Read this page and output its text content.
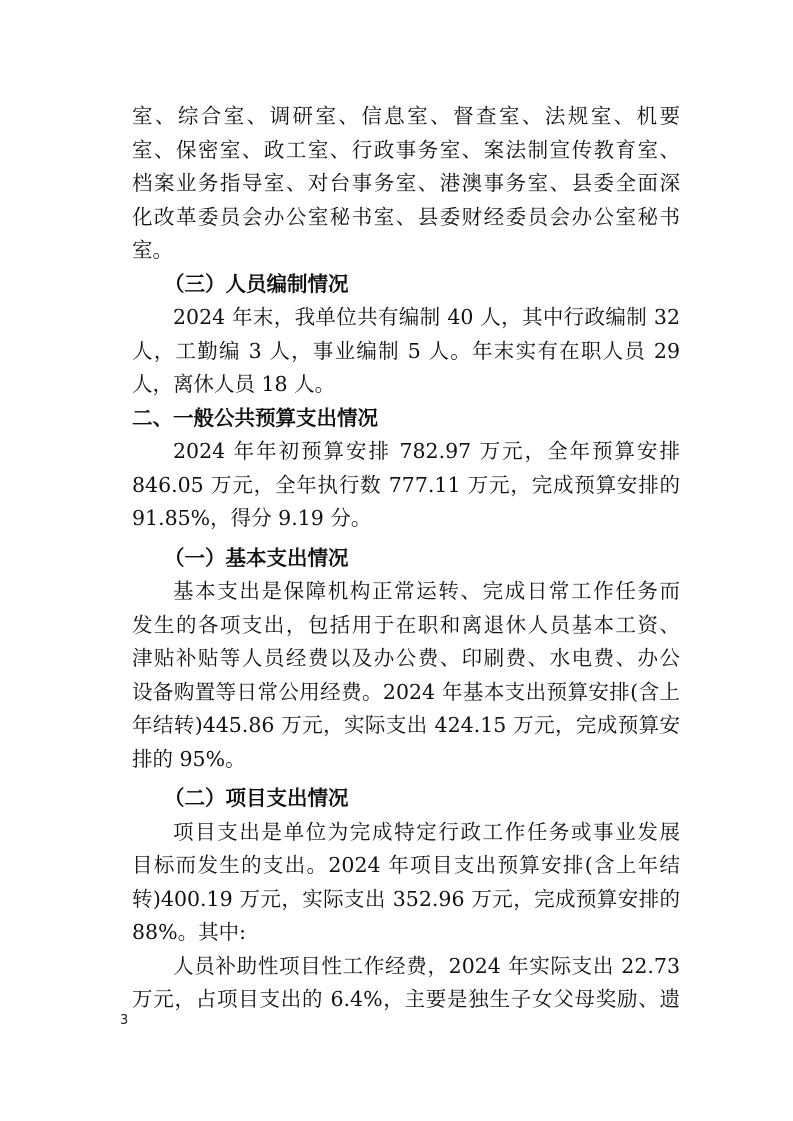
室、综合室、调研室、信息室、督查室、法规室、机要

室、保密室、政工室、行政事务室、案法制宣传教育室、

档案业务指导室、对台事务室、港澳事务室、县委全面深

化改革委员会办公室秘书室、县委财经委员会办公室秘书

室。

（三）人员编制情况

2024 年末，我单位共有编制 40 人，其中行政编制 32

人，工勤编 3 人，事业编制 5 人。年末实有在职人员 29

人，离休人员 18 人。

二、一般公共预算支出情况

2024 年年初预算安排 782.97 万元，全年预算安排

846.05 万元，全年执行数 777.11 万元，完成预算安排的

91.85%，得分 9.19 分。

（一）基本支出情况

基本支出是保障机构正常运转、完成日常工作任务而

发生的各项支出，包括用于在职和离退休人员基本工资、

津贴补贴等人员经费以及办公费、印刷费、水电费、办公

设备购置等日常公用经费。2024 年基本支出预算安排(含上

年结转)445.86 万元，实际支出 424.15 万元，完成预算安

排的 95%。

（二）项目支出情况

项目支出是单位为完成特定行政工作任务或事业发展

目标而发生的支出。2024 年项目支出预算安排(含上年结

转)400.19 万元，实际支出 352.96 万元，完成预算安排的

88%。其中:

人员补助性项目性工作经费，2024 年实际支出 22.73

万元，占项目支出的 6.4%，主要是独生子女父母奖励、遗

3
